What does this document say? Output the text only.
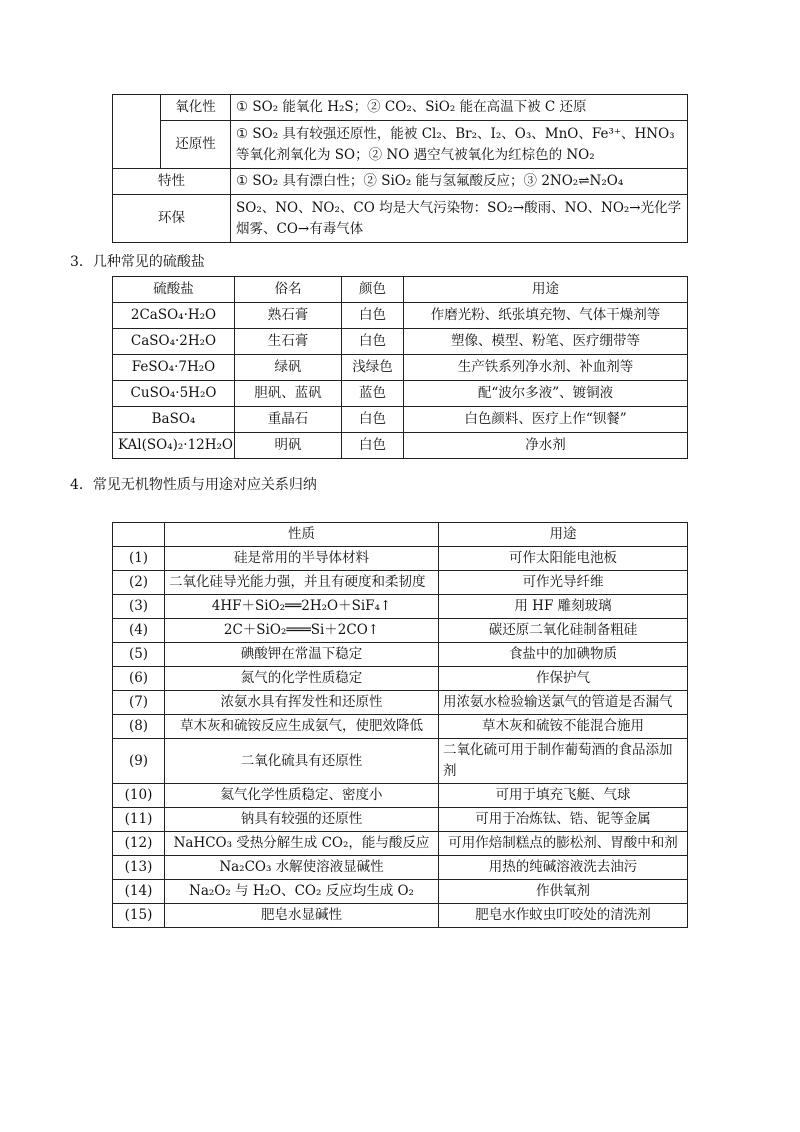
	氧化性	① SO₂ 能氧化 H₂S；② CO₂、SiO₂ 能在高温下被 C 还原
	还原性	① SO₂ 具有较强还原性，能被 Cl₂、Br₂、I₂、O₃、MnO、Fe³⁺、HNO₃ 等氧化剂氧化为 SO；② NO 遇空气被氧化为红棕色的 NO₂
特性		① SO₂ 具有漂白性；② SiO₂ 能与氢氟酸反应；③ 2NO₂⇌N₂O₄
环保		SO₂、NO、NO₂、CO 均是大气污染物：SO₂→酸雨、NO、NO₂→光化学烟雾、CO→有毒气体
3．几种常见的硫酸盐
硫酸盐	俗名	颜色	用途
2CaSO₄·H₂O	熟石膏	白色	作磨光粉、纸张填充物、气体干燥剂等
CaSO₄·2H₂O	生石膏	白色	塑像、模型、粉笔、医疗绷带等
FeSO₄·7H₂O	绿矾	浅绿色	生产铁系列净水剂、补血剂等
CuSO₄·5H₂O	胆矾、蓝矾	蓝色	配“波尔多液”、镀铜液
BaSO₄	重晶石	白色	白色颜料、医疗上作“钡餐”
KAl(SO₄)₂·12H₂O	明矾	白色	净水剂
4．常见无机物性质与用途对应关系归纳
	性质	用途
(1)	硅是常用的半导体材料	可作太阳能电池板
(2)	二氧化硅导光能力强，并且有硬度和柔韧度	可作光导纤维
(3)	4HF＋SiO₂══2H₂O＋SiF₄↑	用 HF 雕刻玻璃
(4)	2C＋SiO₂═══Si＋2CO↑	碳还原二氧化硅制备粗硅
(5)	碘酸钾在常温下稳定	食盐中的加碘物质
(6)	氮气的化学性质稳定	作保护气
(7)	浓氨水具有挥发性和还原性	用浓氨水检验输送氯气的管道是否漏气
(8)	草木灰和硫铵反应生成氨气，使肥效降低	草木灰和硫铵不能混合施用
(9)	二氧化硫具有还原性	二氧化硫可用于制作葡萄酒的食品添加剂
(10)	氦气化学性质稳定、密度小	可用于填充飞艇、气球
(11)	钠具有较强的还原性	可用于冶炼钛、锆、铌等金属
(12)	NaHCO₃ 受热分解生成 CO₂，能与酸反应	可用作焙制糕点的膨松剂、胃酸中和剂
(13)	Na₂CO₃ 水解使溶液显碱性	用热的纯碱溶液洗去油污
(14)	Na₂O₂ 与 H₂O、CO₂ 反应均生成 O₂	作供氧剂
(15)	肥皂水显碱性	肥皂水作蚊虫叮咬处的清洗剂
